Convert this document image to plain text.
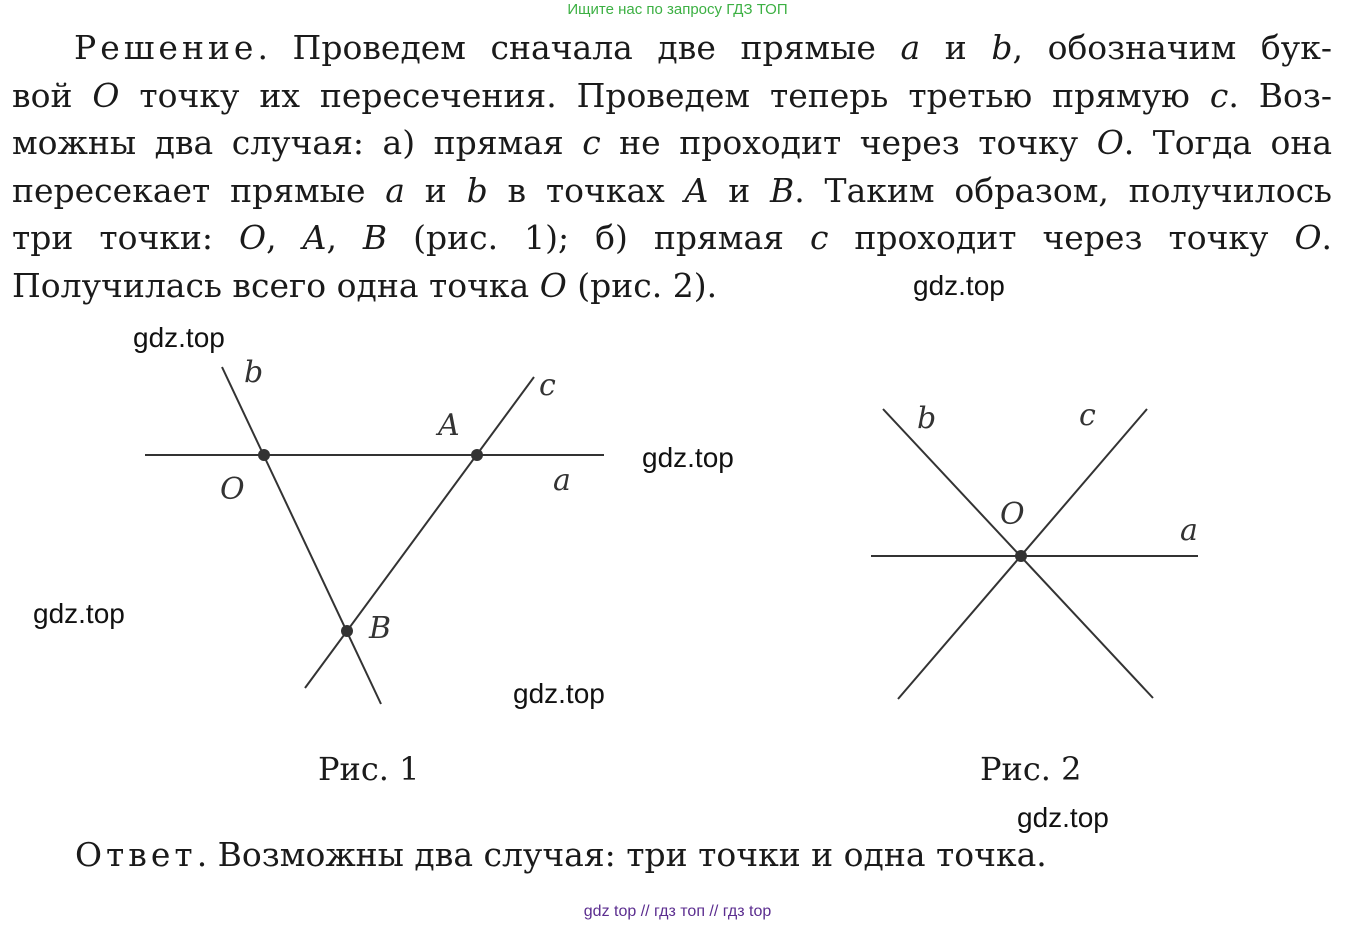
Ищите нас по запросу ГДЗ ТОП
Решение. Проведем сначала две прямые a и b, обозначим бук-
вой O точку их пересечения. Проведем теперь третью прямую c. Воз-
можны два случая: а) прямая c не проходит через точку O. Тогда она
пересекает прямые a и b в точках A и B. Таким образом, получилось
три точки: O, A, B (рис. 1); б) прямая c проходит через точку O.
Получилась всего одна точка O (рис. 2).	gdz.top
gdz.top
gdz.top
gdz.top
gdz.top
gdz.top
b	c
A
O	a
B
b	c
O	a
Рис. 1	Рис. 2
Ответ. Возможны два случая: три точки и одна точка.
gdz top // гдз топ // гдз top
